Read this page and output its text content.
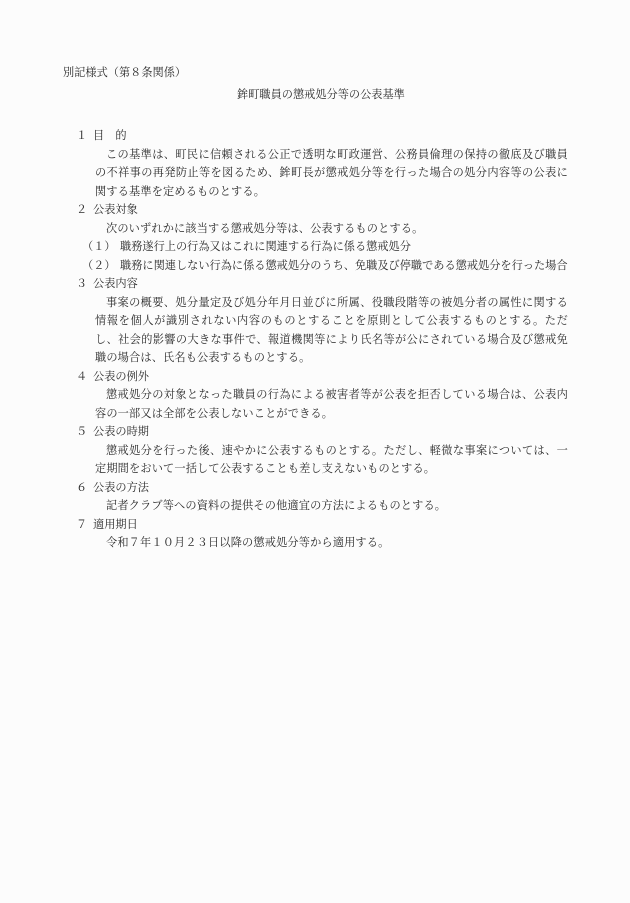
別記様式（第８条関係）
鉾町職員の懲戒処分等の公表基準
１ 目　的
この基準は、町民に信頼される公正で透明な町政運営、公務員倫理の保持の徹底及び職員の不祥事の再発防止等を図るため、鉾町長が懲戒処分等を行った場合の処分内容等の公表に関する基準を定めるものとする。
２ 公表対象
次のいずれかに該当する懲戒処分等は、公表するものとする。
（１） 職務遂行上の行為又はこれに関連する行為に係る懲戒処分
（２） 職務に関連しない行為に係る懲戒処分のうち、免職及び停職である懲戒処分を行った場合
３ 公表内容
事案の概要、処分量定及び処分年月日並びに所属、役職段階等の被処分者の属性に関する情報を個人が識別されない内容のものとすることを原則として公表するものとする。ただし、社会的影響の大きな事件で、報道機関等により氏名等が公にされている場合及び懲戒免職の場合は、氏名も公表するものとする。
４ 公表の例外
懲戒処分の対象となった職員の行為による被害者等が公表を拒否している場合は、公表内容の一部又は全部を公表しないことができる。
５ 公表の時期
懲戒処分を行った後、速やかに公表するものとする。ただし、軽微な事案については、一定期間をおいて一括して公表することも差し支えないものとする。
６ 公表の方法
記者クラブ等への資料の提供その他適宜の方法によるものとする。
７ 適用期日
令和７年１０月２３日以降の懲戒処分等から適用する。
